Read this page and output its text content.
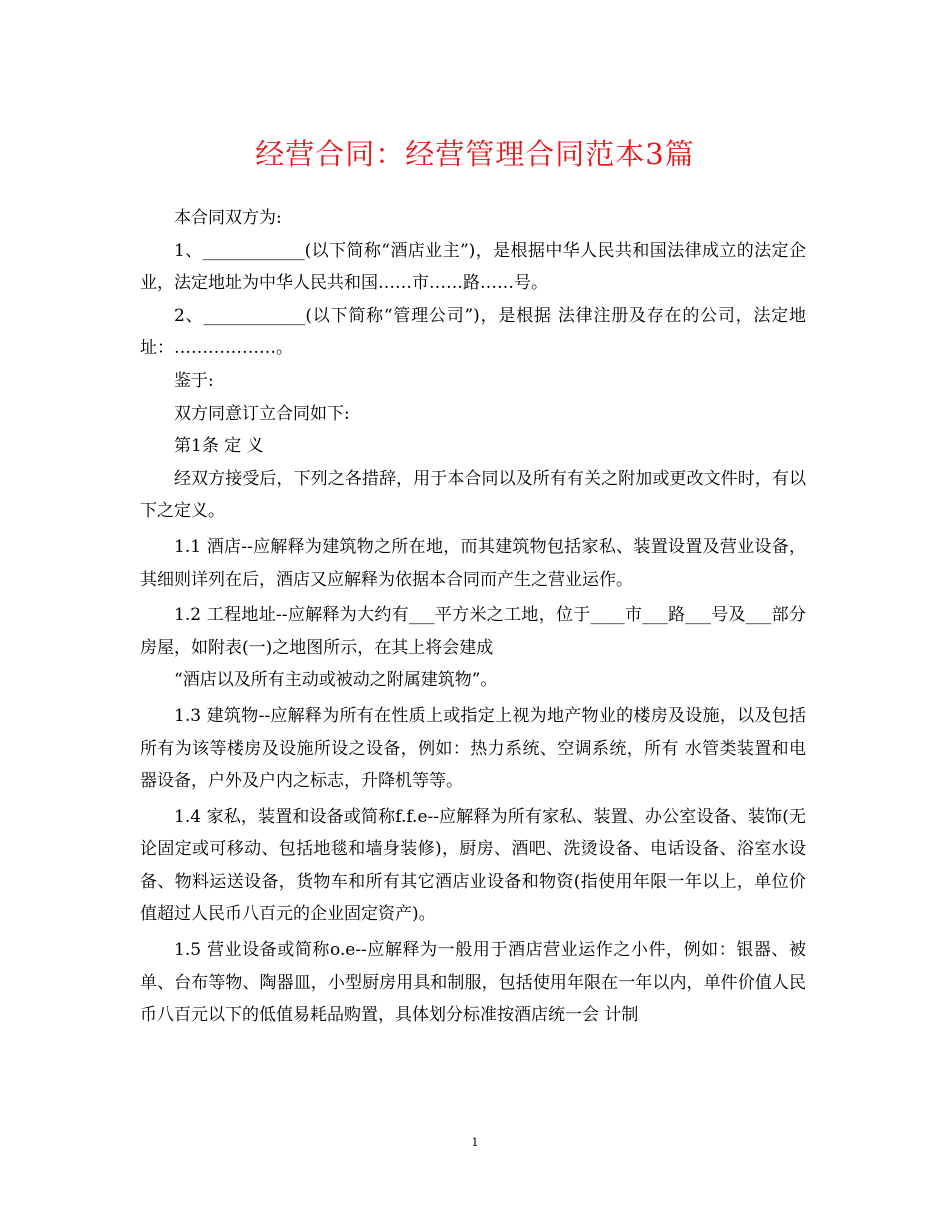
经营合同：经营管理合同范本3篇

本合同双方为:

1、____________(以下简称“酒店业主”)，是根据中华人民共和国法律成立的法定企业，法定地址为中华人民共和国……市……路……号。

2、____________(以下简称“管理公司”)，是根据 法律注册及存在的公司，法定地址：………………。

鉴于:

双方同意订立合同如下:

第1条 定 义

经双方接受后，下列之各措辞，用于本合同以及所有有关之附加或更改文件时，有以下之定义。

1.1 酒店--应解释为建筑物之所在地，而其建筑物包括家私、装置设置及营业设备，其细则详列在后，酒店又应解释为依据本合同而产生之营业运作。

1.2 工程地址--应解释为大约有___平方米之工地，位于____市___路___号及___部分房屋，如附表(一)之地图所示，在其上将会建成

“酒店以及所有主动或被动之附属建筑物”。

1.3 建筑物--应解释为所有在性质上或指定上视为地产物业的楼房及设施，以及包括所有为该等楼房及设施所设之设备，例如：热力系统、空调系统，所有 水管类装置和电器设备，户外及户内之标志，升降机等等。

1.4 家私，装置和设备或简称f.f.e--应解释为所有家私、装置、办公室设备、装饰(无论固定或可移动、包括地毯和墙身装修)，厨房、酒吧、洗烫设备、电话设备、浴室水设备、物料运送设备，货物车和所有其它酒店业设备和物资(指使用年限一年以上，单位价值超过人民币八百元的企业固定资产)。

1.5 营业设备或简称o.e--应解释为一般用于酒店营业运作之小件，例如：银器、被单、台布等物、陶器皿，小型厨房用具和制服，包括使用年限在一年以内，单件价值人民币八百元以下的低值易耗品购置，具体划分标准按酒店统一会 计制

1
